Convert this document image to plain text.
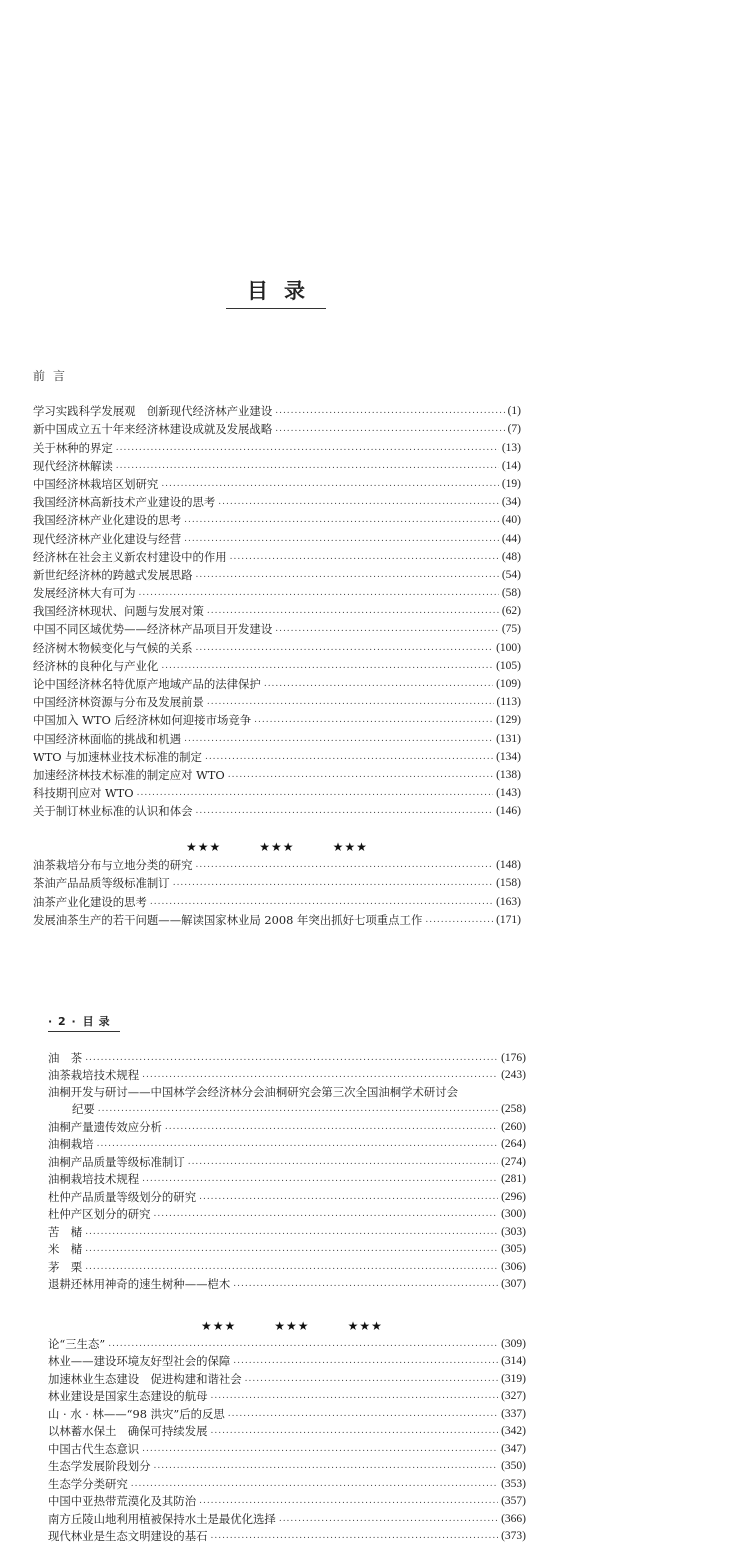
目录
前言
学习实践科学发展观　创新现代经济林产业建设 .....	(1)
新中国成立五十年来经济林建设成就及发展战略 .....	(7)
关于林种的界定 .....	(13)
现代经济林解读 .....	(14)
中国经济林栽培区划研究 .....	(19)
我国经济林高新技术产业建设的思考 .....	(34)
我国经济林产业化建设的思考 .....	(40)
现代经济林产业化建设与经营 .....	(44)
经济林在社会主义新农村建设中的作用 .....	(48)
新世纪经济林的跨越式发展思路 .....	(54)
发展经济林大有可为 .....	(58)
我国经济林现状、问题与发展对策 .....	(62)
中国不同区域优势——经济林产品项目开发建设 .....	(75)
经济树木物候变化与气候的关系 .....	(100)
经济林的良种化与产业化 .....	(105)
论中国经济林名特优原产地域产品的法律保护 .....	(109)
中国经济林资源与分布及发展前景 .....	(113)
中国加入 WTO 后经济林如何迎接市场竞争 .....	(129)
中国经济林面临的挑战和机遇 .....	(131)
WTO 与加速林业技术标准的制定 .....	(134)
加速经济林技术标准的制定应对 WTO .....	(138)
科技期刊应对 WTO .....	(143)
关于制订林业标准的认识和体会 .....	(146)
★★★	★★★	★★★
油茶栽培分布与立地分类的研究 .....	(148)
茶油产品品质等级标准制订 .....	(158)
油茶产业化建设的思考 .....	(163)
发展油茶生产的若干问题——解读国家林业局 2008 年突出抓好七项重点工作 .....	(171)
· 2 · 目录
油　茶 .....	(176)
油茶栽培技术规程 .....	(243)
油桐开发与研讨——中国林学会经济林分会油桐研究会第三次全国油桐学术研讨会
纪要 .....	(258)
油桐产量遗传效应分析 .....	(260)
油桐栽培 .....	(264)
油桐产品质量等级标准制订 .....	(274)
油桐栽培技术规程 .....	(281)
杜仲产品质量等级划分的研究 .....	(296)
杜仲产区划分的研究 .....	(300)
苦　槠 .....	(303)
米　槠 .....	(305)
茅　栗 .....	(306)
退耕还林用神奇的速生树种——桤木 .....	(307)
★★★	★★★	★★★
论“三生态” .....	(309)
林业——建设环境友好型社会的保障 .....	(314)
加速林业生态建设　促进构建和谐社会 .....	(319)
林业建设是国家生态建设的航母 .....	(327)
山 · 水 · 林——“98 洪灾”后的反思 .....	(337)
以林蓄水保土　确保可持续发展 .....	(342)
中国古代生态意识 .....	(347)
生态学发展阶段划分 .....	(350)
生态学分类研究 .....	(353)
中国中亚热带荒漠化及其防治 .....	(357)
南方丘陵山地利用植被保持水土是最优化选择 .....	(366)
现代林业是生态文明建设的基石 .....	(373)
